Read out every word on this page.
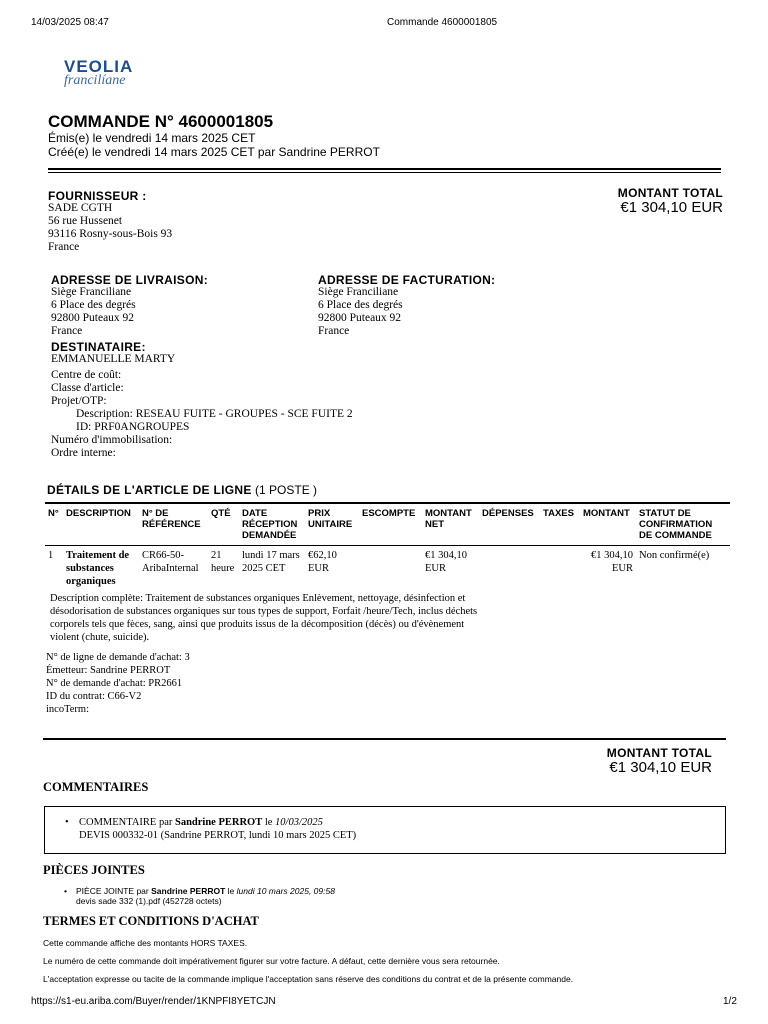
14/03/2025 08:47	Commande 4600001805
VEOLIA
francilíane
COMMANDE N° 4600001805
Émis(e) le vendredi 14 mars 2025 CET
Créé(e) le vendredi 14 mars 2025 CET par Sandrine PERROT
FOURNISSEUR :
SADE CGTH
56 rue Hussenet
93116 Rosny-sous-Bois 93
France
MONTANT TOTAL
€1 304,10 EUR
ADRESSE DE LIVRAISON:
Siège Franciliane
6 Place des degrés
92800 Puteaux 92
France
ADRESSE DE FACTURATION:
Siège Franciliane
6 Place des degrés
92800 Puteaux 92
France
DESTINATAIRE:
EMMANUELLE MARTY
Centre de coût:
Classe d'article:
Projet/OTP:
Description: RESEAU FUITE - GROUPES - SCE FUITE 2
ID: PRF0ANGROUPES
Numéro d'immobilisation:
Ordre interne:
DÉTAILS DE L'ARTICLE DE LIGNE (1 POSTE )
N°	DESCRIPTION	N° DE RÉFÉRENCE	QTÉ	DATE RÉCEPTION DEMANDÉE	PRIX UNITAIRE	ESCOMPTE	MONTANT NET	DÉPENSES	TAXES	MONTANT	STATUT DE CONFIRMATION DE COMMANDE
1	Traitement de substances organiques	CR66-50-AribaInternal	21 heure	lundi 17 mars 2025 CET	€62,10 EUR		€1 304,10 EUR			€1 304,10 EUR	Non confirmé(e)
Description complète: Traitement de substances organiques Enlèvement, nettoyage, désinfection et désodorisation de substances organiques sur tous types de support, Forfait /heure/Tech, inclus déchets corporels tels que fèces, sang, ainsi que produits issus de la décomposition (décès) ou d'évènement violent (chute, suicide).
N° de ligne de demande d'achat: 3
Émetteur: Sandrine PERROT
N° de demande d'achat: PR2661
ID du contrat: C66-V2
incoTerm:
MONTANT TOTAL
€1 304,10 EUR
COMMENTAIRES
• COMMENTAIRE par Sandrine PERROT le 10/03/2025
DEVIS 000332-01 (Sandrine PERROT, lundi 10 mars 2025 CET)
PIÈCES JOINTES
• PIÈCE JOINTE par Sandrine PERROT le lundi 10 mars 2025, 09:58
devis sade 332 (1).pdf (452728 octets)
TERMES ET CONDITIONS D'ACHAT
Cette commande affiche des montants HORS TAXES.
Le numéro de cette commande doit impérativement figurer sur votre facture. A défaut, cette dernière vous sera retournée.
L'acceptation expresse ou tacite de la commande implique l'acceptation sans réserve des conditions du contrat et de la présente commande.
https://s1-eu.ariba.com/Buyer/render/1KNPFI8YETCJN	1/2
